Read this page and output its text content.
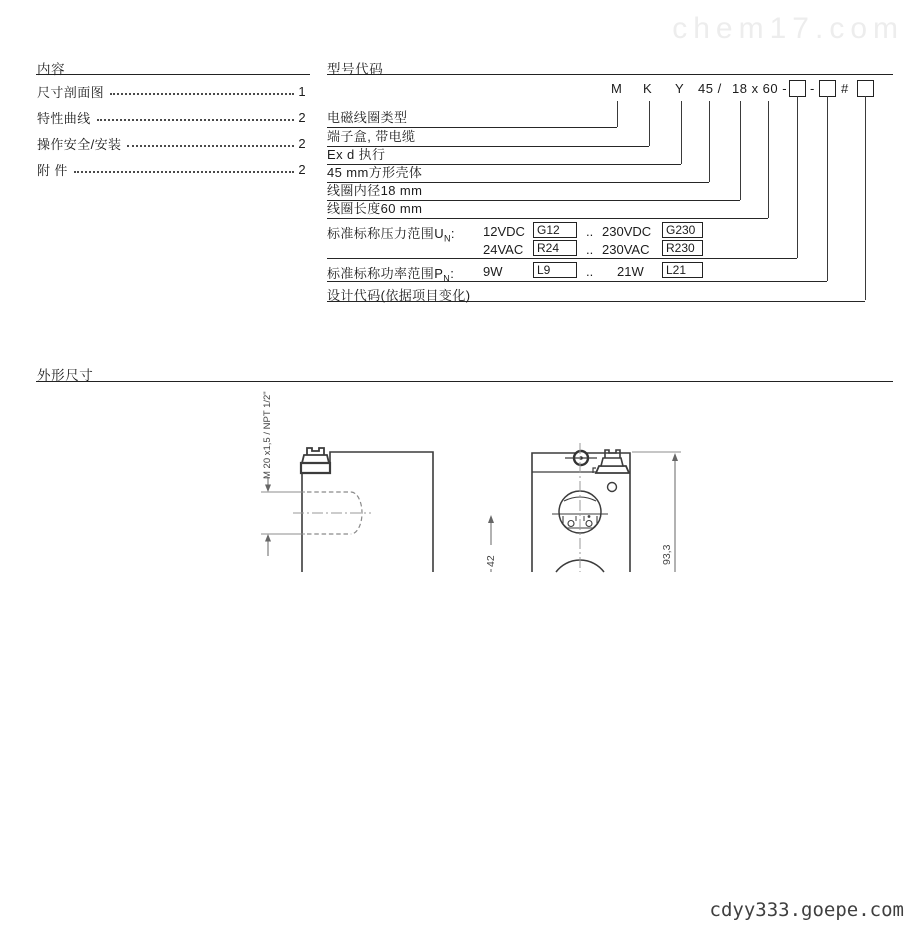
chem17.com
cdyy333.goepe.com
内容
尺寸剖面图	1
特性曲线	2
操作安全/安装	2
附 件	2
型号代码
M K Y 45 / 18 x 60 - - #
电磁线圈类型
端子盒, 带电缆
Ex d 执行
45 mm方形壳体
线圈内径18 mm
线圈长度60 mm
标准标称压力范围$U_N$: 12VDC	G12	.. 230VDC	G230
24VAC	R24	.. 230VAC	R230
标准标称功率范围$P_N$: 9W	L9	.. 21W	L21
设计代码(依据项目变化)
外形尺寸
M 20 x1,5 / NPT 1/2"
42	93,3
